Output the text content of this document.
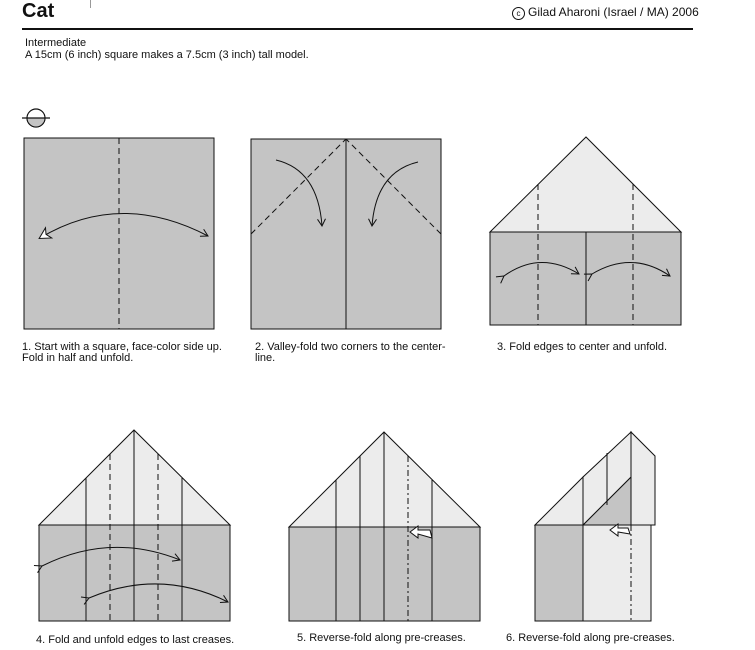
Cat	c Gilad Aharoni (Israel / MA) 2006
Intermediate
A 15cm (6 inch) square makes a 7.5cm (3 inch) tall model.
1. Start with a square, face-color side up.
Fold in half and unfold.
2. Valley-fold two corners to the center-
line.
3. Fold edges to center and unfold.
4. Fold and unfold edges to last creases.	5. Reverse-fold along pre-creases.	6. Reverse-fold along pre-creases.
